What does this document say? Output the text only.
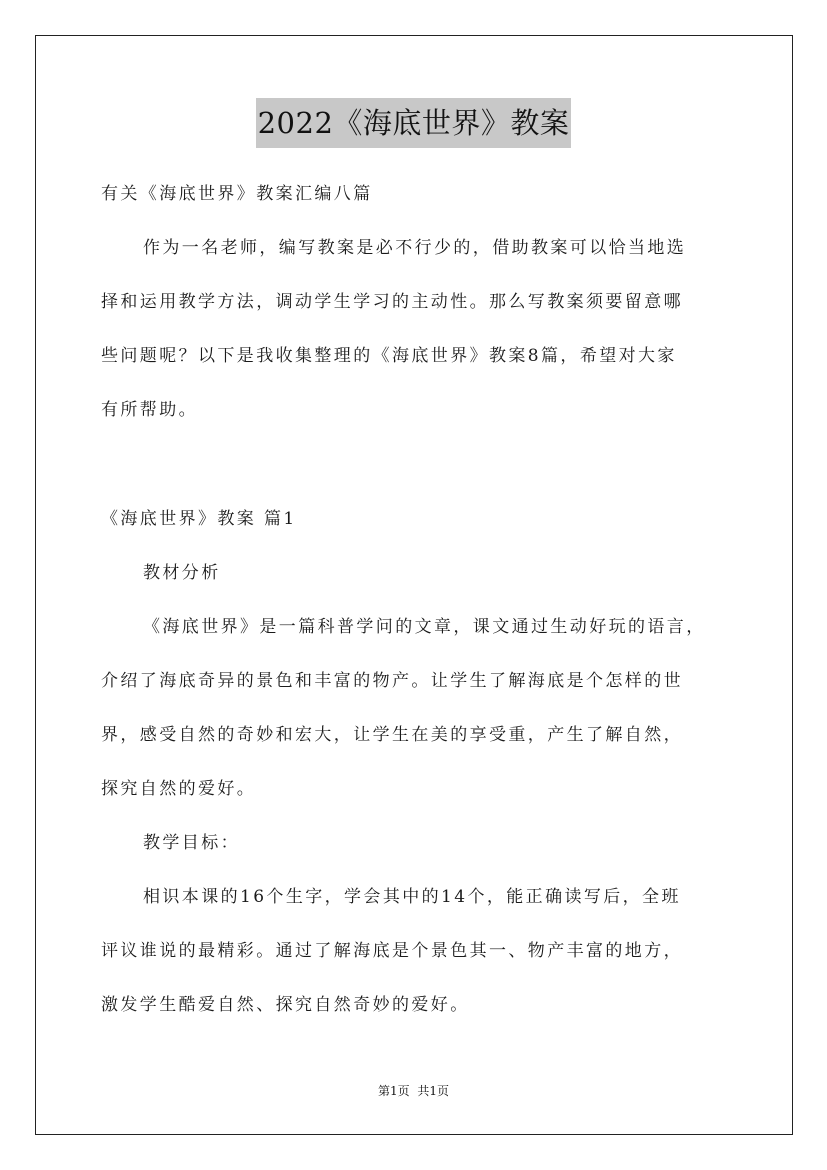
2022《海底世界》教案
有关《海底世界》教案汇编八篇
作为一名老师，编写教案是必不行少的，借助教案可以恰当地选
择和运用教学方法，调动学生学习的主动性。那么写教案须要留意哪
些问题呢？以下是我收集整理的《海底世界》教案8篇，希望对大家
有所帮助。
《海底世界》教案 篇1
教材分析
《海底世界》是一篇科普学问的文章，课文通过生动好玩的语言，
介绍了海底奇异的景色和丰富的物产。让学生了解海底是个怎样的世
界，感受自然的奇妙和宏大，让学生在美的享受重，产生了解自然，
探究自然的爱好。
教学目标：
相识本课的16个生字，学会其中的14个，能正确读写后，全班
评议谁说的最精彩。通过了解海底是个景色其一、物产丰富的地方，
激发学生酷爱自然、探究自然奇妙的爱好。
第1页 共1页
